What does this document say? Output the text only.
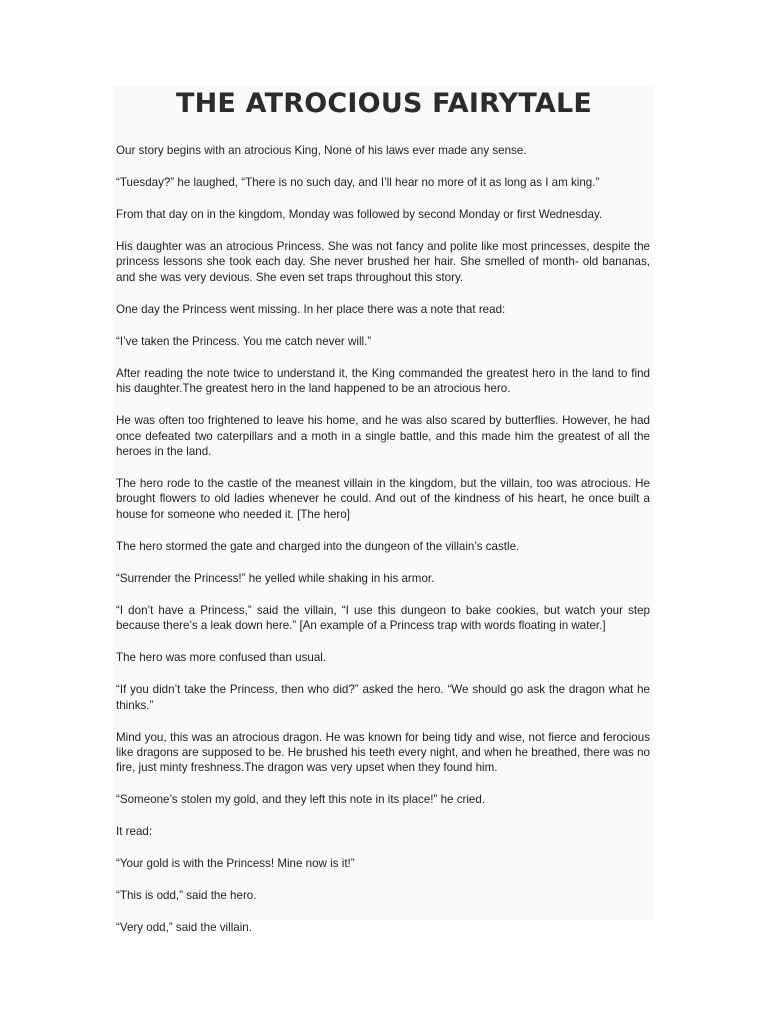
THE ATROCIOUS FAIRYTALE

Our story begins with an atrocious King, None of his laws ever made any sense.

“Tuesday?” he laughed, “There is no such day, and I’ll hear no more of it as long as I am king.”

From that day on in the kingdom, Monday was followed by second Monday or first Wednesday.

His daughter was an atrocious Princess. She was not fancy and polite like most princesses, despite the princess lessons she took each day. She never brushed her hair. She smelled of month- old bananas, and she was very devious. She even set traps throughout this story.

One day the Princess went missing. In her place there was a note that read:

“I’ve taken the Princess. You me catch never will.”

After reading the note twice to understand it, the King commanded the greatest hero in the land to find his daughter.The greatest hero in the land happened to be an atrocious hero.

He was often too frightened to leave his home, and he was also scared by butterflies. However, he had once defeated two caterpillars and a moth in a single battle, and this made him the greatest of all the heroes in the land.

The hero rode to the castle of the meanest villain in the kingdom, but the villain, too was atrocious. He brought flowers to old ladies whenever he could. And out of the kindness of his heart, he once built a house for someone who needed it. [The hero]

The hero stormed the gate and charged into the dungeon of the villain’s castle.

“Surrender the Princess!” he yelled while shaking in his armor.

“I don’t have a Princess,” said the villain, “I use this dungeon to bake cookies, but watch your step because there’s a leak down here.” [An example of a Princess trap with words floating in water.]

The hero was more confused than usual.

“If you didn’t take the Princess, then who did?” asked the hero. “We should go ask the dragon what he thinks.”

Mind you, this was an atrocious dragon. He was known for being tidy and wise, not fierce and ferocious like dragons are supposed to be. He brushed his teeth every night, and when he breathed, there was no fire, just minty freshness.The dragon was very upset when they found him.

“Someone’s stolen my gold, and they left this note in its place!” he cried.

It read:

“Your gold is with the Princess! Mine now is it!”

“This is odd,” said the hero.

“Very odd,” said the villain.
